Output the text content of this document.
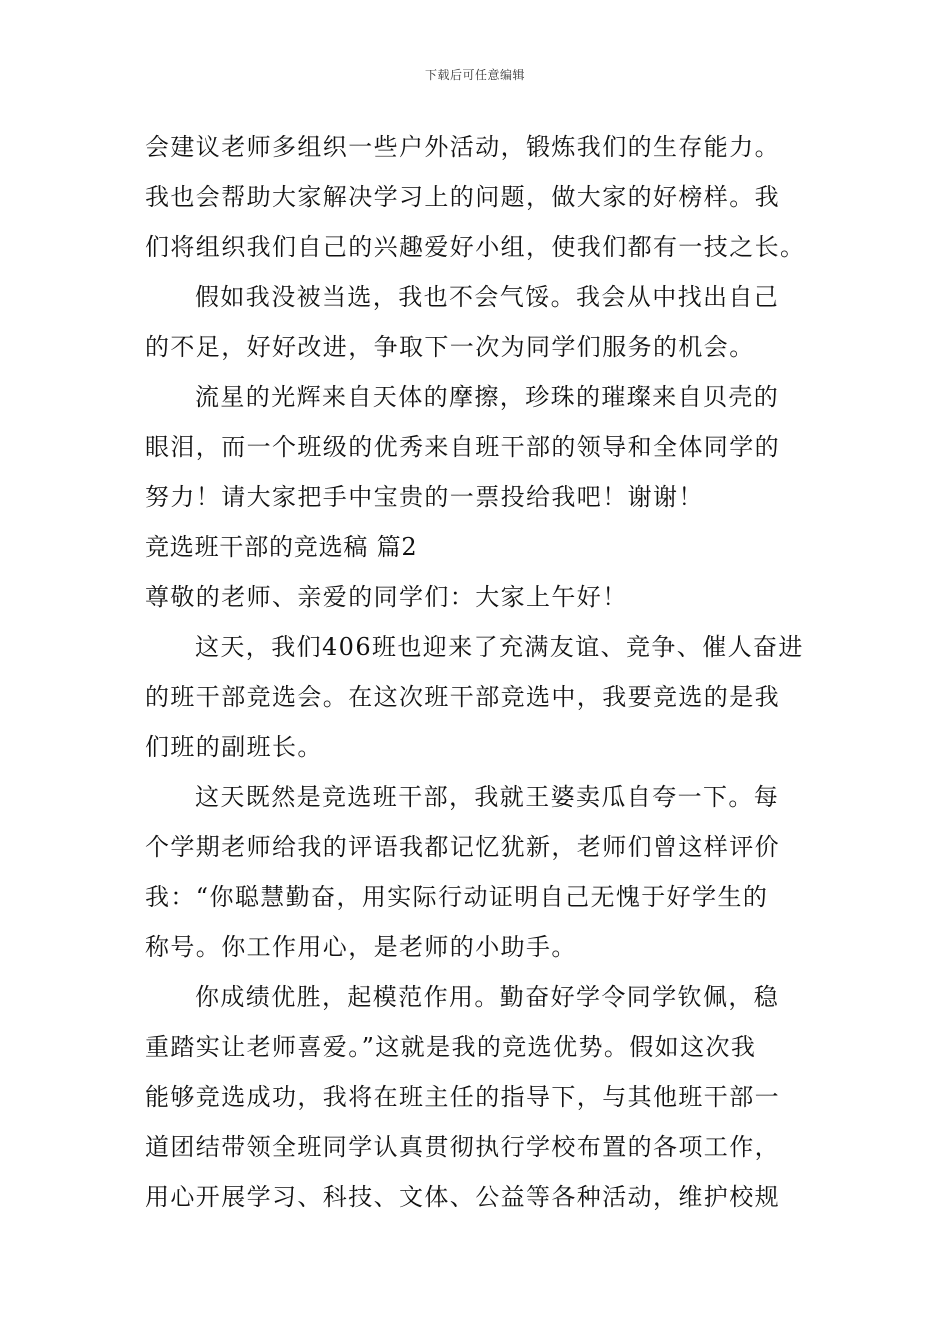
下载后可任意编辑
会建议老师多组织一些户外活动，锻炼我们的生存能力。
我也会帮助大家解决学习上的问题，做大家的好榜样。我
们将组织我们自己的兴趣爱好小组，使我们都有一技之长。
假如我没被当选，我也不会气馁。我会从中找出自己
的不足，好好改进，争取下一次为同学们服务的机会。
流星的光辉来自天体的摩擦，珍珠的璀璨来自贝壳的
眼泪，而一个班级的优秀来自班干部的领导和全体同学的
努力！请大家把手中宝贵的一票投给我吧！谢谢！
竞选班干部的竞选稿 篇2
尊敬的老师、亲爱的同学们：大家上午好！
这天，我们406班也迎来了充满友谊、竞争、催人奋进
的班干部竞选会。在这次班干部竞选中，我要竞选的是我
们班的副班长。
这天既然是竞选班干部，我就王婆卖瓜自夸一下。每
个学期老师给我的评语我都记忆犹新，老师们曾这样评价
我：“你聪慧勤奋，用实际行动证明自己无愧于好学生的
称号。你工作用心，是老师的小助手。
你成绩优胜，起模范作用。勤奋好学令同学钦佩，稳
重踏实让老师喜爱。”这就是我的竞选优势。假如这次我
能够竞选成功，我将在班主任的指导下，与其他班干部一
道团结带领全班同学认真贯彻执行学校布置的各项工作，
用心开展学习、科技、文体、公益等各种活动，维护校规
